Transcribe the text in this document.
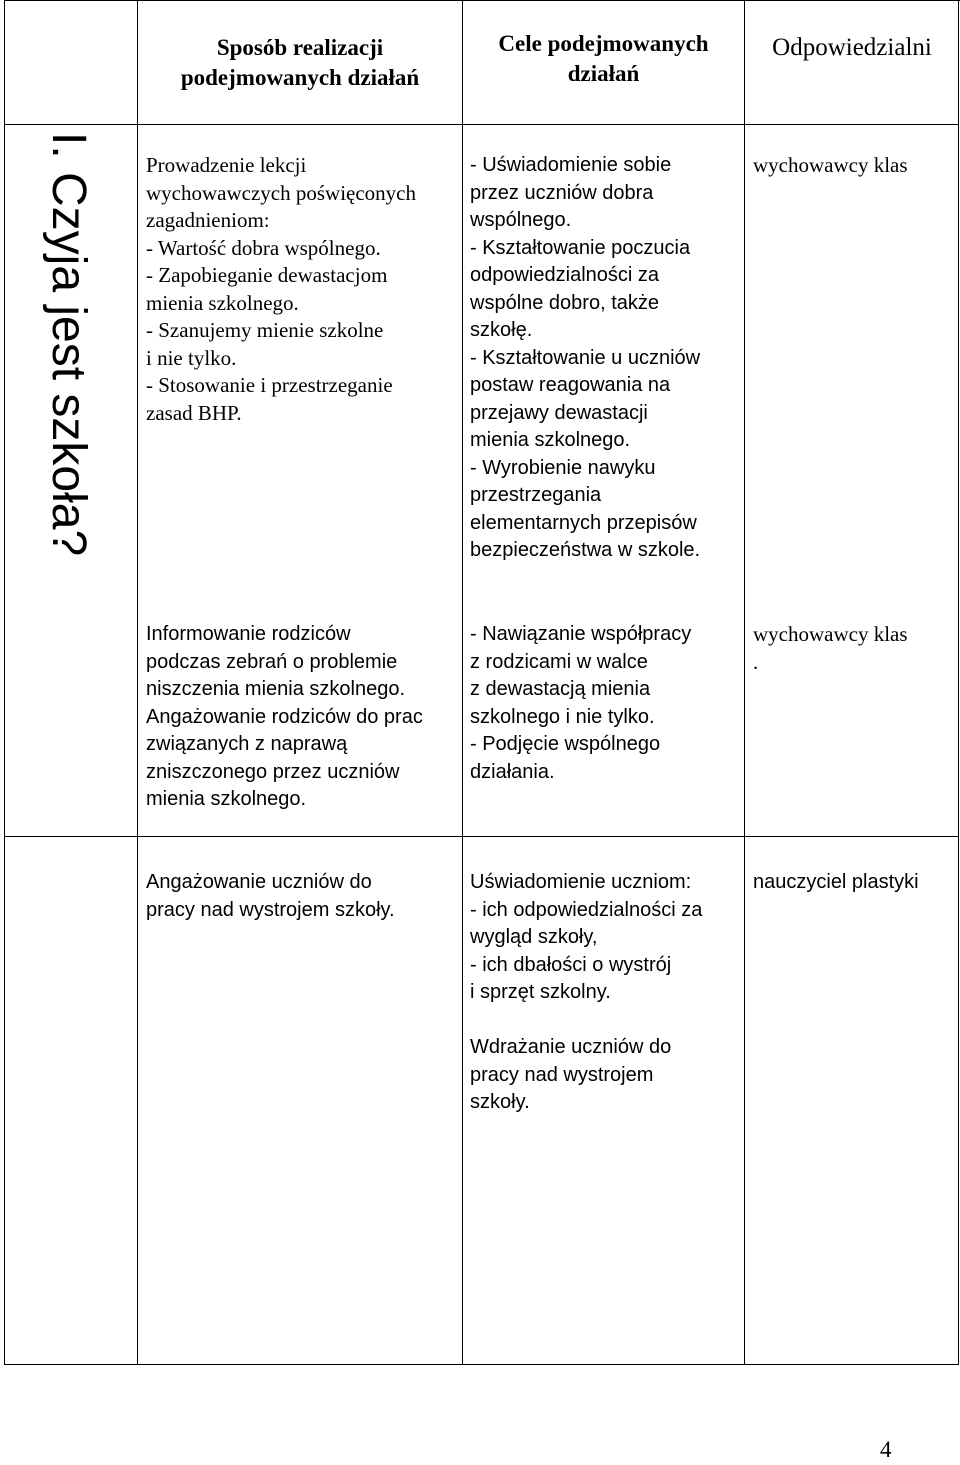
Sposób realizacji
podejmowanych działań
Cele podejmowanych
działań
Odpowiedzialni
I. Czyja jest szkoła?	Prowadzenie lekcji
wychowawczych poświęconych
zagadnieniom:
- Wartość dobra wspólnego.
- Zapobieganie dewastacjom
mienia szkolnego.
- Szanujemy mienie szkolne
i nie tylko.
- Stosowanie i przestrzeganie
zasad BHP.
- Uświadomienie sobie
przez uczniów dobra
wspólnego.
- Kształtowanie poczucia
odpowiedzialności za
wspólne dobro, także
szkołę.
- Kształtowanie u uczniów
postaw reagowania na
przejawy dewastacji
mienia szkolnego.
- Wyrobienie nawyku
przestrzegania
elementarnych przepisów
bezpieczeństwa w szkole.
wychowawcy klas
Informowanie rodziców
podczas zebrań o problemie
niszczenia mienia szkolnego.
Angażowanie rodziców do prac
związanych z naprawą
zniszczonego przez uczniów
mienia szkolnego.
- Nawiązanie współpracy
z rodzicami w walce
z dewastacją mienia
szkolnego i nie tylko.
- Podjęcie wspólnego
działania.
wychowawcy klas
.
Angażowanie uczniów do
pracy nad wystrojem szkoły.
Uświadomienie uczniom:
- ich odpowiedzialności za
wygląd szkoły,
- ich dbałości o wystrój
i sprzęt szkolny.
Wdrażanie uczniów do
pracy nad wystrojem
szkoły.
nauczyciel plastyki
4
